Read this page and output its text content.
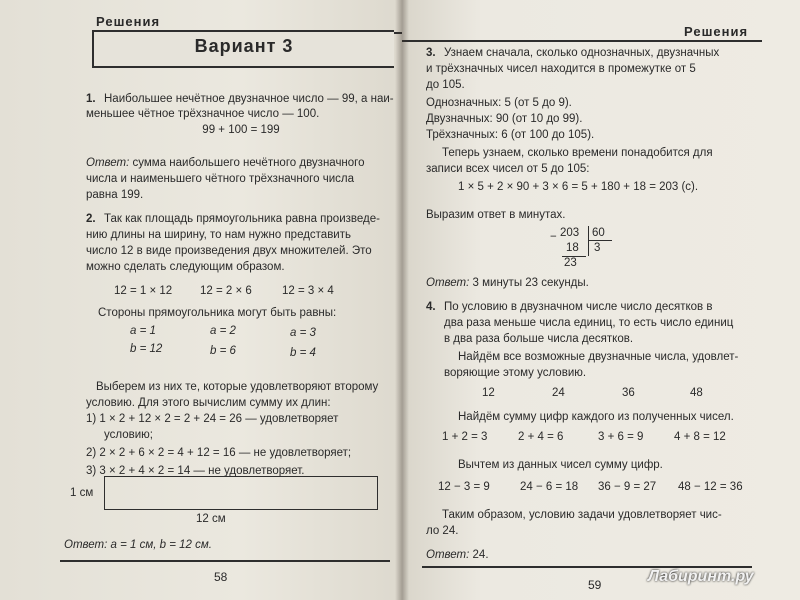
Решения
Вариант 3
1. Наибольшее нечётное двузначное число — 99, а наи-
меньшее чётное трёхзначное число — 100.
99 + 100 = 199
Ответ: сумма наибольшего нечётного двузначного
числа и наименьшего чётного трёхзначного числа
равна 199.
2. Так как площадь прямоугольника равна произведе-
нию длины на ширину, то нам нужно представить
число 12 в виде произведения двух множителей. Это
можно сделать следующим образом.
12 = 1 × 12 12 = 2 × 6	12 = 3 × 4
Стороны прямоугольника могут быть равны:
a = 1	a = 2	a = 3
b = 12	b = 6	b = 4
Выберем из них те, которые удовлетворяют второму
условию. Для этого вычислим сумму их длин:
1) 1 × 2 + 12 × 2 = 2 + 24 = 26 — удовлетворяет
условию;
2) 2 × 2 + 6 × 2 = 4 + 12 = 16 — не удовлетворяет;
3) 3 × 2 + 4 × 2 = 14 — не удовлетворяет.
1 см
12 см
Ответ: a = 1 см, b = 12 см.
58
Решения
3. Узнаем сначала, сколько однозначных, двузначных
и трёхзначных чисел находится в промежутке от 5
до 105.
Однозначных: 5 (от 5 до 9).
Двузначных: 90 (от 10 до 99).
Трёхзначных: 6 (от 100 до 105).
Теперь узнаем, сколько времени понадобится для
записи всех чисел от 5 до 105:
1 × 5 + 2 × 90 + 3 × 6 = 5 + 180 + 18 = 203 (с).
Выразим ответ в минутах.
− 203 60
18 3
23
Ответ: 3 минуты 23 секунды.
4. По условию в двузначном числе число десятков в
два раза меньше числа единиц, то есть число единиц
в два раза больше числа десятков.
Найдём все возможные двузначные числа, удовлет-
воряющие этому условию.
12	24	36	48
Найдём сумму цифр каждого из полученных чисел.
1 + 2 = 3	2 + 4 = 6	3 + 6 = 9	4 + 8 = 12
Вычтем из данных чисел сумму цифр.
12 − 3 = 9	24 − 6 = 18 36 − 9 = 27 48 − 12 = 36
Таким образом, условию задачи удовлетворяет чис-
ло 24.
Ответ: 24.
59	Лабиринт.ру
